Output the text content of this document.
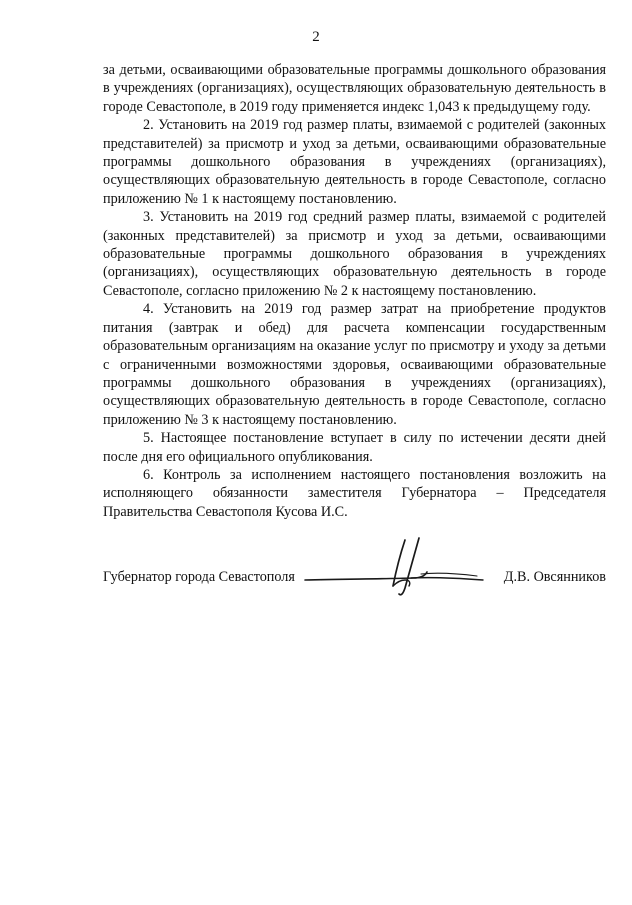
2

за детьми, осваивающими образовательные программы дошкольного образования в учреждениях (организациях), осуществляющих образовательную деятельность в городе Севастополе, в 2019 году применяется индекс 1,043 к предыдущему году.

2. Установить на 2019 год размер платы, взимаемой с родителей (законных представителей) за присмотр и уход за детьми, осваивающими образовательные программы дошкольного образования в учреждениях (организациях), осуществляющих образовательную деятельность в городе Севастополе, согласно приложению № 1 к настоящему постановлению.

3. Установить на 2019 год средний размер платы, взимаемой с родителей (законных представителей) за присмотр и уход за детьми, осваивающими образовательные программы дошкольного образования в учреждениях (организациях), осуществляющих образовательную деятельность в городе Севастополе, согласно приложению № 2 к настоящему постановлению.

4. Установить на 2019 год размер затрат на приобретение продуктов питания (завтрак и обед) для расчета компенсации государственным образовательным организациям на оказание услуг по присмотру и уходу за детьми с ограниченными возможностями здоровья, осваивающими образовательные программы дошкольного образования в учреждениях (организациях), осуществляющих образовательную деятельность в городе Севастополе, согласно приложению № 3 к настоящему постановлению.

5. Настоящее постановление вступает в силу по истечении десяти дней после дня его официального опубликования.

6. Контроль за исполнением настоящего постановления возложить на исполняющего обязанности заместителя Губернатора – Председателя Правительства Севастополя Кусова И.С.

Губернатор города Севастополя	Д.В. Овсянников
